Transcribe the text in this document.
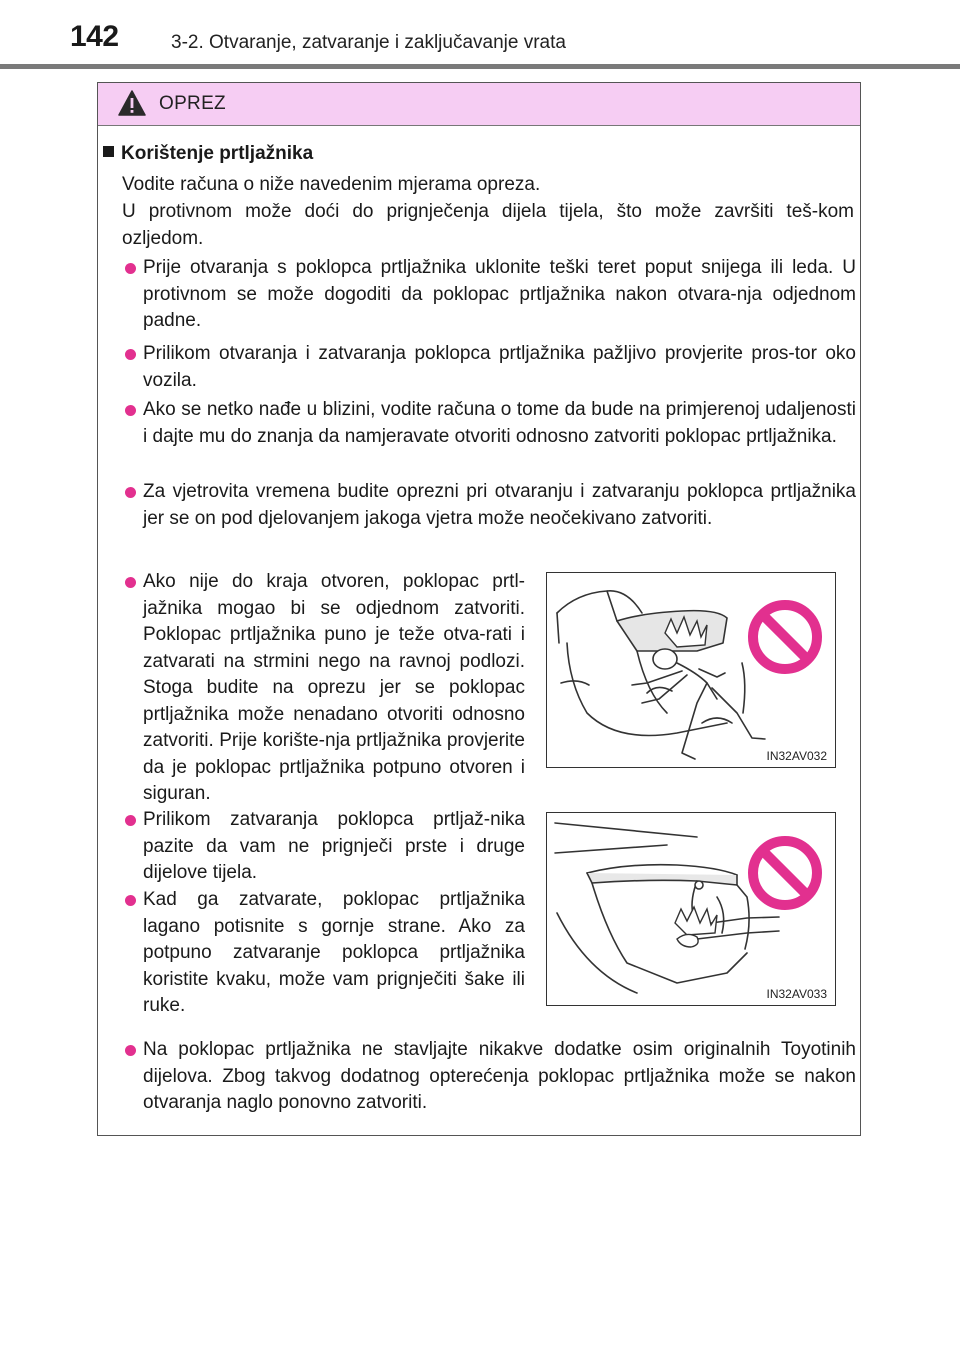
142	3-2. Otvaranje, zatvaranje i zaključavanje vrata
OPREZ
Korištenje prtljažnika

Vodite računa o niže navedenim mjerama opreza.

U protivnom može doći do prignječenja dijela tijela, što može završiti teš-kom ozljedom.

Prije otvaranja s poklopca prtljažnika uklonite teški teret poput snijega ili leda. U protivnom se može dogoditi da poklopac prtljažnika nakon otvara-nja odjednom padne.
Prilikom otvaranja i zatvaranja poklopca prtljažnika pažljivo provjerite pros-tor oko vozila.
Ako se netko nađe u blizini, vodite računa o tome da bude na primjerenoj udaljenosti i dajte mu do znanja da namjeravate otvoriti odnosno zatvoriti poklopac prtljažnika.
Za vjetrovita vremena budite oprezni pri otvaranju i zatvaranju poklopca prtljažnika jer se on pod djelovanjem jakoga vjetra može neočekivano zatvoriti.
Ako nije do kraja otvoren, poklopac prtl-jažnika mogao bi se odjednom zatvoriti. Poklopac prtljažnika puno je teže otva-rati i zatvarati na strmini nego na ravnoj podlozi. Stoga budite na oprezu jer se poklopac prtljažnika može nenadano otvoriti odnosno zatvoriti. Prije korište-nja prtljažnika provjerite da je poklopac prtljažnika potpuno otvoren i siguran.
IN32AV032
Prilikom zatvaranja poklopca prtljaž-nika pazite da vam ne prignječi prste i druge dijelove tijela.
Kad ga zatvarate, poklopac prtljažnika lagano potisnite s gornje strane. Ako za potpuno zatvaranje poklopca prtljažnika koristite kvaku, može vam prignječiti šake ili ruke.
IN32AV033
Na poklopac prtljažnika ne stavljajte nikakve dodatke osim originalnih Toyotinih dijelova. Zbog takvog dodatnog opterećenja poklopac prtljažnika može se nakon otvaranja naglo ponovno zatvoriti.
